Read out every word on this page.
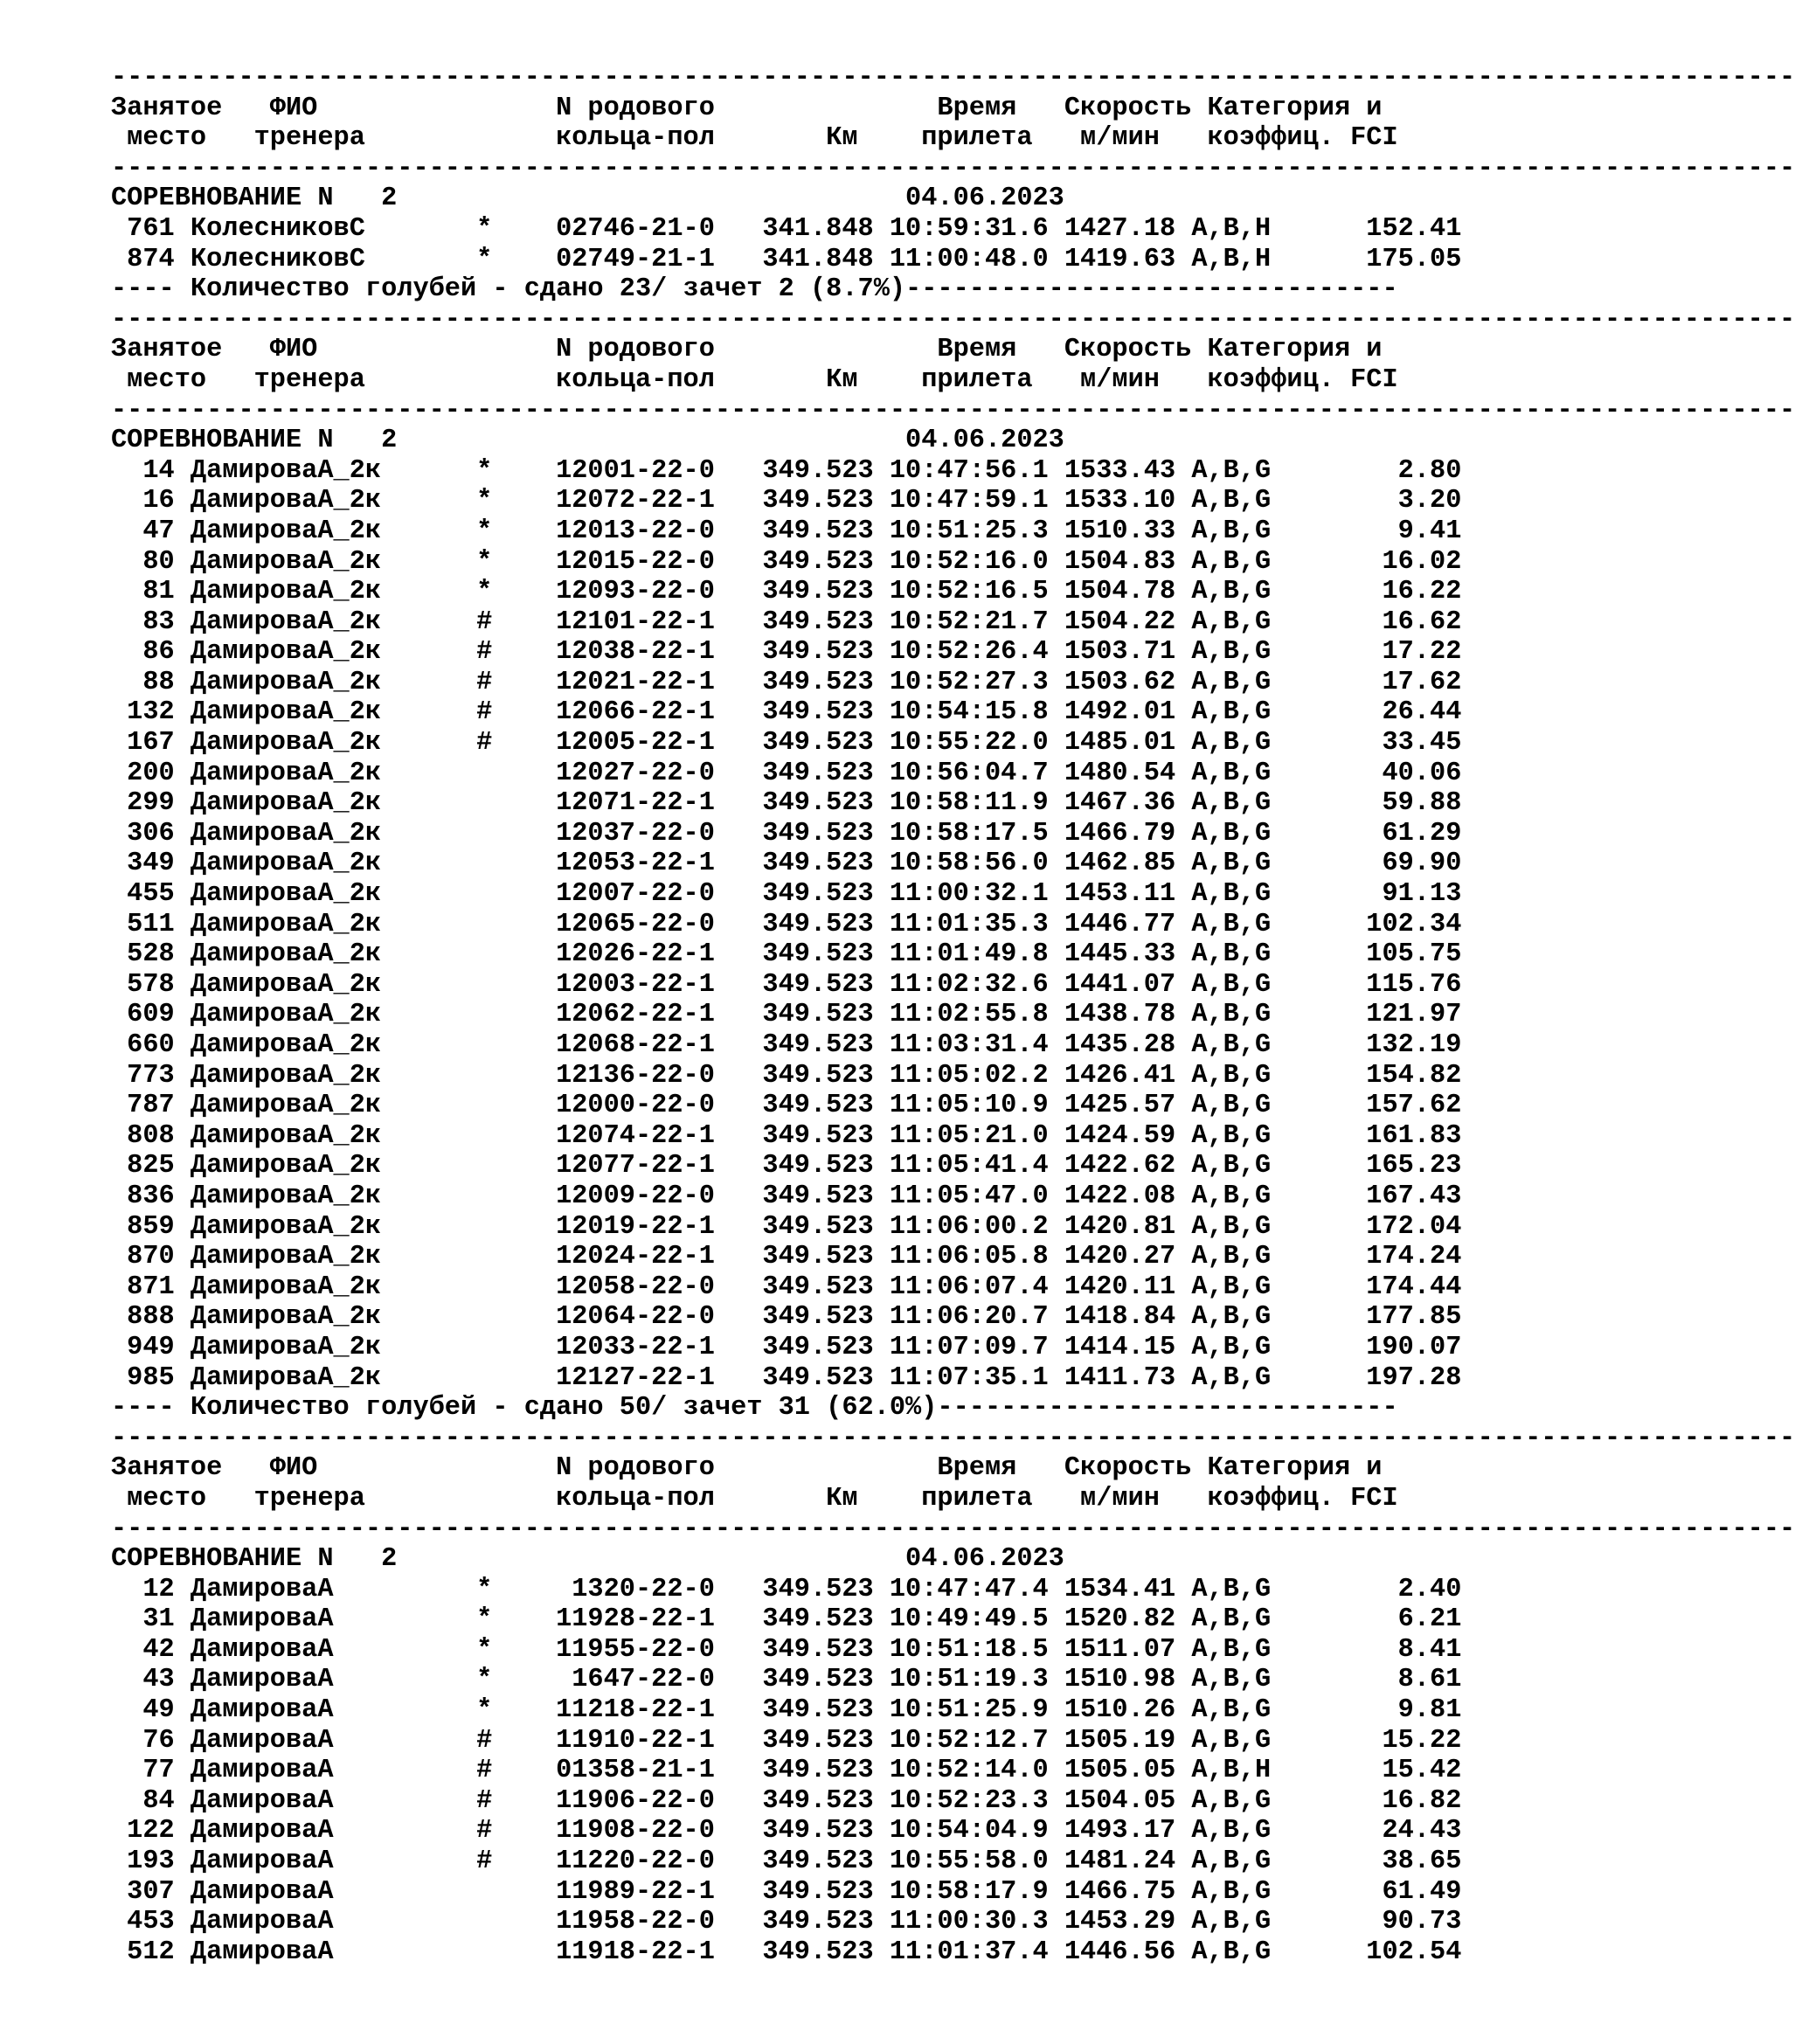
----------------------------------------------------------------------------------------------------------
Занятое   ФИО               N родового              Время   Скорость Категория и
место   тренера            кольца-пол       Км    прилета   м/мин   коэффиц. FCI
----------------------------------------------------------------------------------------------------------
СОРЕВНОВАНИЕ N   2                                04.06.2023
761 КолесниковС       *    02746-21-0   341.848 10:59:31.6 1427.18 A,B,H      152.41
874 КолесниковС       *    02749-21-1   341.848 11:00:48.0 1419.63 A,B,H      175.05
---- Количество голубей - сдано 23/ зачет 2 (8.7%)-------------------------------
----------------------------------------------------------------------------------------------------------
Занятое   ФИО               N родового              Время   Скорость Категория и
место   тренера            кольца-пол       Км    прилета   м/мин   коэффиц. FCI
----------------------------------------------------------------------------------------------------------
СОРЕВНОВАНИЕ N   2                                04.06.2023
14 ДамироваА_2к      *    12001-22-0   349.523 10:47:56.1 1533.43 A,B,G        2.80
16 ДамироваА_2к      *    12072-22-1   349.523 10:47:59.1 1533.10 A,B,G        3.20
47 ДамироваА_2к      *    12013-22-0   349.523 10:51:25.3 1510.33 A,B,G        9.41
80 ДамироваА_2к      *    12015-22-0   349.523 10:52:16.0 1504.83 A,B,G       16.02
81 ДамироваА_2к      *    12093-22-0   349.523 10:52:16.5 1504.78 A,B,G       16.22
83 ДамироваА_2к      #    12101-22-1   349.523 10:52:21.7 1504.22 A,B,G       16.62
86 ДамироваА_2к      #    12038-22-1   349.523 10:52:26.4 1503.71 A,B,G       17.22
88 ДамироваА_2к      #    12021-22-1   349.523 10:52:27.3 1503.62 A,B,G       17.62
132 ДамироваА_2к      #    12066-22-1   349.523 10:54:15.8 1492.01 A,B,G       26.44
167 ДамироваА_2к      #    12005-22-1   349.523 10:55:22.0 1485.01 A,B,G       33.45
200 ДамироваА_2к           12027-22-0   349.523 10:56:04.7 1480.54 A,B,G       40.06
299 ДамироваА_2к           12071-22-1   349.523 10:58:11.9 1467.36 A,B,G       59.88
306 ДамироваА_2к           12037-22-0   349.523 10:58:17.5 1466.79 A,B,G       61.29
349 ДамироваА_2к           12053-22-1   349.523 10:58:56.0 1462.85 A,B,G       69.90
455 ДамироваА_2к           12007-22-0   349.523 11:00:32.1 1453.11 A,B,G       91.13
511 ДамироваА_2к           12065-22-0   349.523 11:01:35.3 1446.77 A,B,G      102.34
528 ДамироваА_2к           12026-22-1   349.523 11:01:49.8 1445.33 A,B,G      105.75
578 ДамироваА_2к           12003-22-1   349.523 11:02:32.6 1441.07 A,B,G      115.76
609 ДамироваА_2к           12062-22-1   349.523 11:02:55.8 1438.78 A,B,G      121.97
660 ДамироваА_2к           12068-22-1   349.523 11:03:31.4 1435.28 A,B,G      132.19
773 ДамироваА_2к           12136-22-0   349.523 11:05:02.2 1426.41 A,B,G      154.82
787 ДамироваА_2к           12000-22-0   349.523 11:05:10.9 1425.57 A,B,G      157.62
808 ДамироваА_2к           12074-22-1   349.523 11:05:21.0 1424.59 A,B,G      161.83
825 ДамироваА_2к           12077-22-1   349.523 11:05:41.4 1422.62 A,B,G      165.23
836 ДамироваА_2к           12009-22-0   349.523 11:05:47.0 1422.08 A,B,G      167.43
859 ДамироваА_2к           12019-22-1   349.523 11:06:00.2 1420.81 A,B,G      172.04
870 ДамироваА_2к           12024-22-1   349.523 11:06:05.8 1420.27 A,B,G      174.24
871 ДамироваА_2к           12058-22-0   349.523 11:06:07.4 1420.11 A,B,G      174.44
888 ДамироваА_2к           12064-22-0   349.523 11:06:20.7 1418.84 A,B,G      177.85
949 ДамироваА_2к           12033-22-1   349.523 11:07:09.7 1414.15 A,B,G      190.07
985 ДамироваА_2к           12127-22-1   349.523 11:07:35.1 1411.73 A,B,G      197.28
---- Количество голубей - сдано 50/ зачет 31 (62.0%)-----------------------------
----------------------------------------------------------------------------------------------------------
Занятое   ФИО               N родового              Время   Скорость Категория и
место   тренера            кольца-пол       Км    прилета   м/мин   коэффиц. FCI
----------------------------------------------------------------------------------------------------------
СОРЕВНОВАНИЕ N   2                                04.06.2023
12 ДамироваА         *     1320-22-0   349.523 10:47:47.4 1534.41 A,B,G        2.40
31 ДамироваА         *    11928-22-1   349.523 10:49:49.5 1520.82 A,B,G        6.21
42 ДамироваА         *    11955-22-0   349.523 10:51:18.5 1511.07 A,B,G        8.41
43 ДамироваА         *     1647-22-0   349.523 10:51:19.3 1510.98 A,B,G        8.61
49 ДамироваА         *    11218-22-1   349.523 10:51:25.9 1510.26 A,B,G        9.81
76 ДамироваА         #    11910-22-1   349.523 10:52:12.7 1505.19 A,B,G       15.22
77 ДамироваА         #    01358-21-1   349.523 10:52:14.0 1505.05 A,B,H       15.42
84 ДамироваА         #    11906-22-0   349.523 10:52:23.3 1504.05 A,B,G       16.82
122 ДамироваА         #    11908-22-0   349.523 10:54:04.9 1493.17 A,B,G       24.43
193 ДамироваА         #    11220-22-0   349.523 10:55:58.0 1481.24 A,B,G       38.65
307 ДамироваА              11989-22-1   349.523 10:58:17.9 1466.75 A,B,G       61.49
453 ДамироваА              11958-22-0   349.523 11:00:30.3 1453.29 A,B,G       90.73
512 ДамироваА              11918-22-1   349.523 11:01:37.4 1446.56 A,B,G      102.54
